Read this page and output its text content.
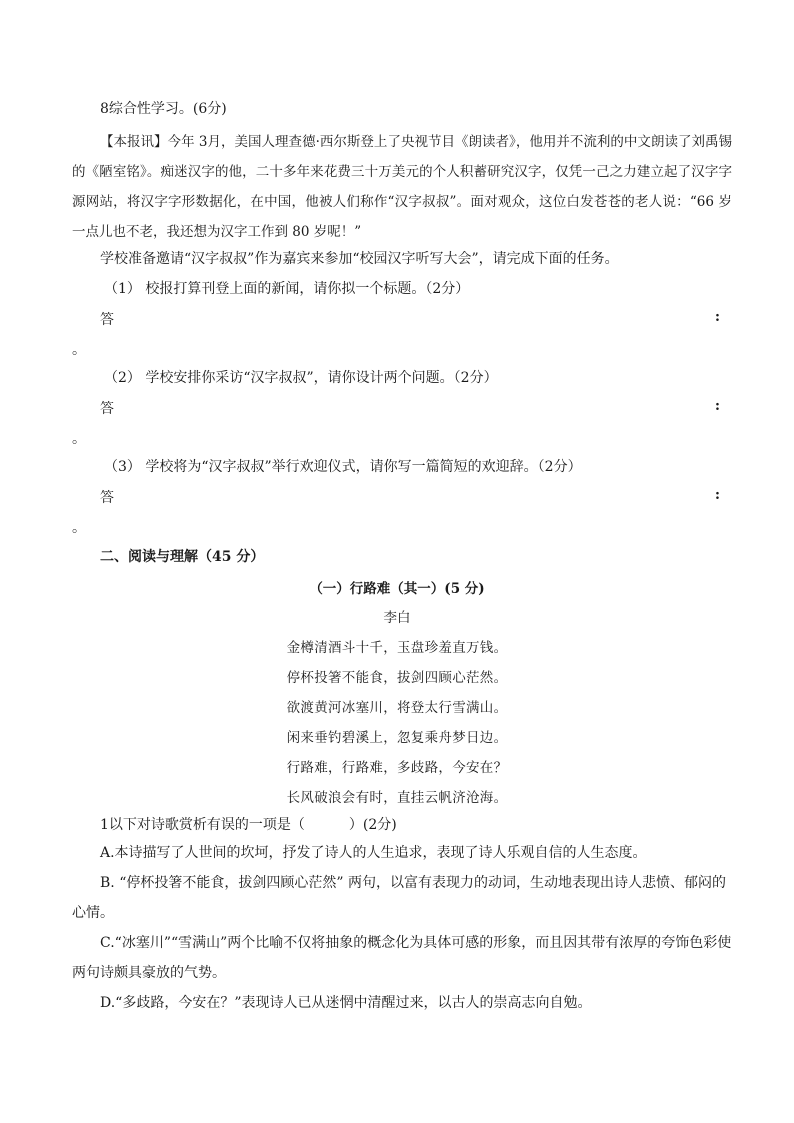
8综合性学习。(6分)
【本报讯】今年 3月，美国人理查德·西尔斯登上了央视节目《朗读者》，他用并不流利的中文朗读了刘禹锡的《陋室铭》。痴迷汉字的他，二十多年来花费三十万美元的个人积蓄研究汉字，仅凭一己之力建立起了汉字字源网站，将汉字字形数据化，在中国，他被人们称作“汉字叔叔”。面对观众，这位白发苍苍的老人说：“66 岁一点儿也不老，我还想为汉字工作到 80 岁呢！”
学校准备邀请“汉字叔叔”作为嘉宾来参加“校园汉字听写大会”，请完成下面的任务。
（1） 校报打算刊登上面的新闻，请你拟一个标题。（2分）
答	:
。
（2） 学校安排你采访“汉字叔叔”，请你设计两个问题。（2分）
答	:
。
（3） 学校将为“汉字叔叔”举行欢迎仪式，请你写一篇简短的欢迎辞。（2分）
答	:
。
二、阅读与理解（45 分）
（一）行路难（其一）(5 分)
李白
金樽清酒斗十千，玉盘珍羞直万钱。
停杯投箸不能食，拔剑四顾心茫然。
欲渡黄河冰塞川，将登太行雪满山。
闲来垂钓碧溪上，忽复乘舟梦日边。
行路难，行路难，多歧路，今安在？
长风破浪会有时，直挂云帆济沧海。
1以下对诗歌赏析有误的一项是（	）(2分)
A.本诗描写了人世间的坎坷，抒发了诗人的人生追求，表现了诗人乐观自信的人生态度。
B. “停杯投箸不能食，拔剑四顾心茫然” 两句，以富有表现力的动词，生动地表现出诗人悲愤、郁闷的心情。
C.“冰塞川”“雪满山”两个比喻不仅将抽象的概念化为具体可感的形象，而且因其带有浓厚的夸饰色彩使两句诗颇具豪放的气势。
D.“多歧路，今安在？”表现诗人已从迷惘中清醒过来，以古人的崇高志向自勉。
